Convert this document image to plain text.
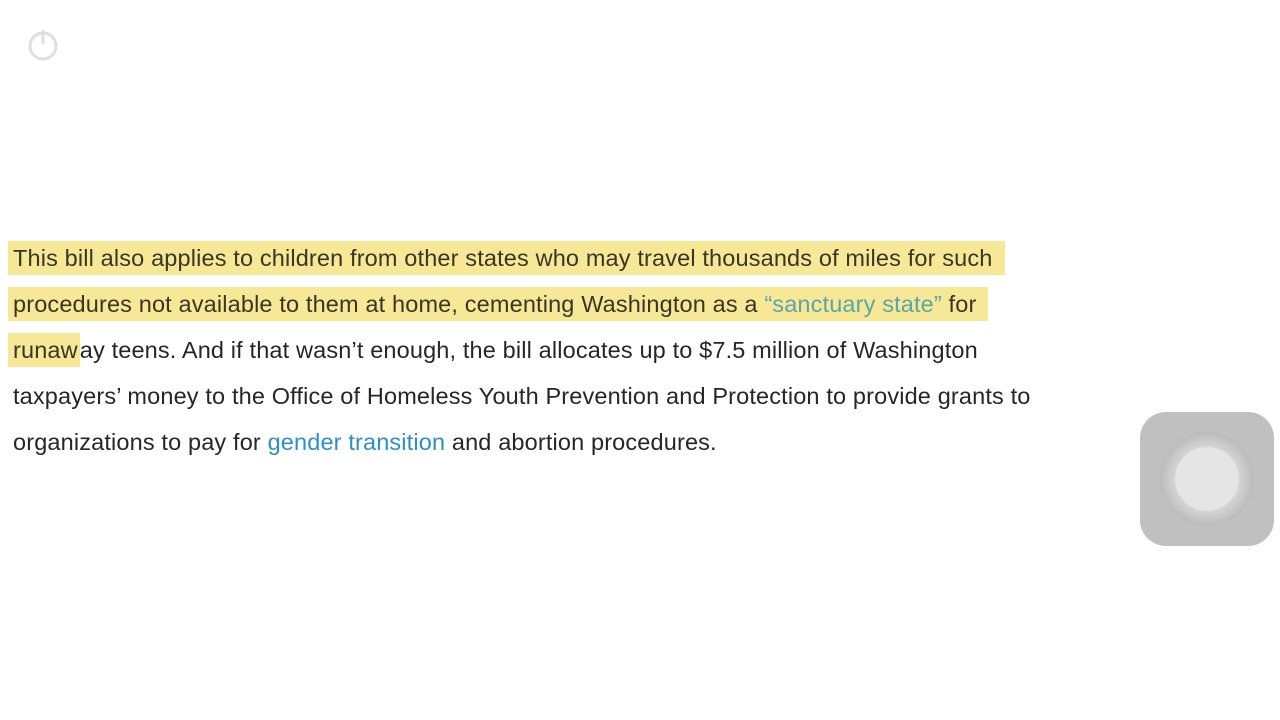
This bill also applies to children from other states who may travel thousands of miles for such
procedures not available to them at home, cementing Washington as a “sanctuary state” for
runaway teens. And if that wasn’t enough, the bill allocates up to $7.5 million of Washington
taxpayers’ money to the Office of Homeless Youth Prevention and Protection to provide grants to
organizations to pay for gender transition and abortion procedures.
